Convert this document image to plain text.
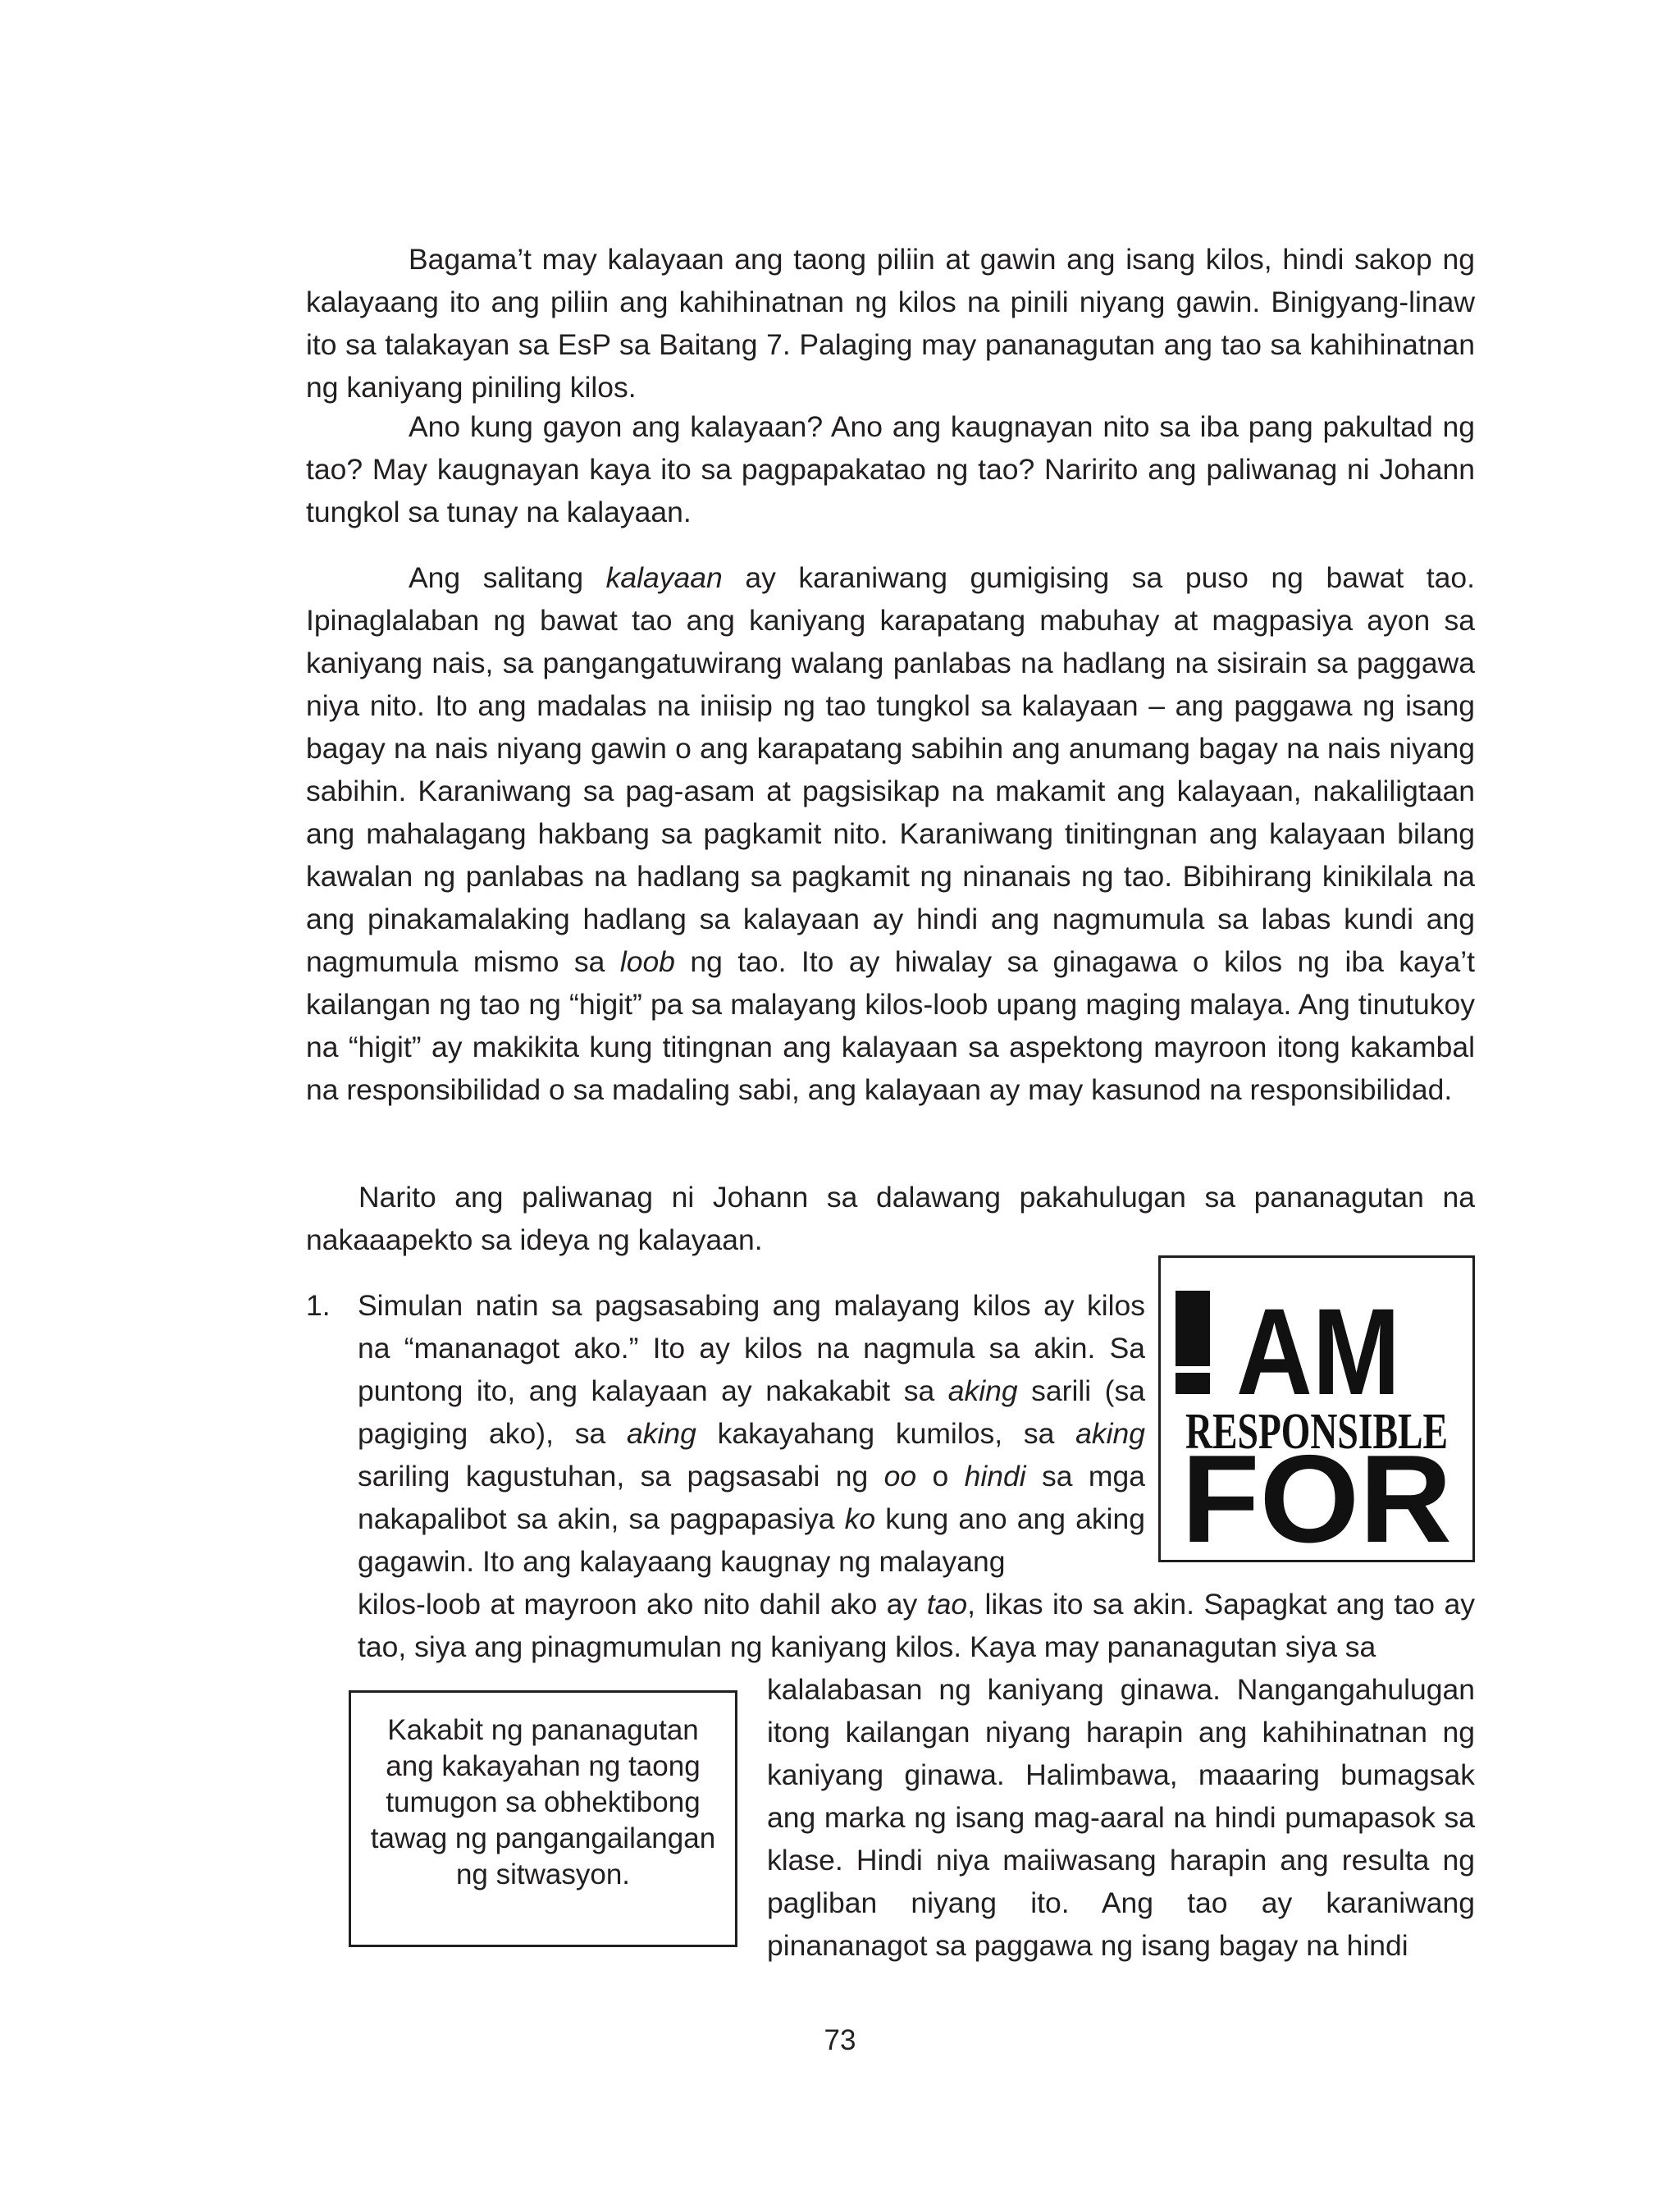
Bagama’t may kalayaan ang taong piliin at gawin ang isang kilos, hindi sakop ng kalayaang ito ang piliin ang kahihinatnan ng kilos na pinili niyang gawin. Binigyang-linaw ito sa talakayan sa EsP sa Baitang 7. Palaging may pananagutan ang tao sa kahihinatnan ng kaniyang piniling kilos.
Ano kung gayon ang kalayaan? Ano ang kaugnayan nito sa iba pang pakultad ng tao? May kaugnayan kaya ito sa pagpapakatao ng tao? Naririto ang paliwanag ni Johann tungkol sa tunay na kalayaan.
Ang salitang kalayaan ay karaniwang gumigising sa puso ng bawat tao. Ipinaglalaban ng bawat tao ang kaniyang karapatang mabuhay at magpasiya ayon sa kaniyang nais, sa pangangatuwirang walang panlabas na hadlang na sisirain sa paggawa niya nito. Ito ang madalas na iniisip ng tao tungkol sa kalayaan – ang paggawa ng isang bagay na nais niyang gawin o ang karapatang sabihin ang anumang bagay na nais niyang sabihin. Karaniwang sa pag-asam at pagsisikap na makamit ang kalayaan, nakaliligtaan ang mahalagang hakbang sa pagkamit nito. Karaniwang tinitingnan ang kalayaan bilang kawalan ng panlabas na hadlang sa pagkamit ng ninanais ng tao. Bibihirang kinikilala na ang pinakamalaking hadlang sa kalayaan ay hindi ang nagmumula sa labas kundi ang nagmumula mismo sa loob ng tao. Ito ay hiwalay sa ginagawa o kilos ng iba kaya’t kailangan ng tao ng “higit” pa sa malayang kilos-loob upang maging malaya. Ang tinutukoy na “higit” ay makikita kung titingnan ang kalayaan sa aspektong mayroon itong kakambal na responsibilidad o sa madaling sabi, ang kalayaan ay may kasunod na responsibilidad.
Narito ang paliwanag ni Johann sa dalawang pakahulugan sa pananagutan na nakaaapekto sa ideya ng kalayaan.
1. Simulan natin sa pagsasabing ang malayang kilos ay kilos na “mananagot ako.” Ito ay kilos na nagmula sa akin. Sa puntong ito, ang kalayaan ay nakakabit sa aking sarili (sa pagiging ako), sa aking kakayahang kumilos, sa aking sariling kagustuhan, sa pagsasabi ng oo o hindi sa mga nakapalibot sa akin, sa pagpapasiya ko kung ano ang aking gagawin. Ito ang kalayaang kaugnay ng malayang
kilos-loob at mayroon ako nito dahil ako ay tao, likas ito sa akin. Sapagkat ang tao ay tao, siya ang pinagmumulan ng kaniyang kilos. Kaya may pananagutan siya sa
kalalabasan ng kaniyang ginawa. Nangangahulugan itong kailangan niyang harapin ang kahihinatnan ng kaniyang ginawa. Halimbawa, maaaring bumagsak ang marka ng isang mag-aaral na hindi pumapasok sa klase. Hindi niya maiiwasang harapin ang resulta ng pagliban niyang ito. Ang tao ay karaniwang pinananagot sa paggawa ng isang bagay na hindi
AM
RESPONSIBLE
FOR
Kakabit ng pananagutan ang kakayahan ng taong tumugon sa obhektibong tawag ng pangangailangan ng sitwasyon.
73
